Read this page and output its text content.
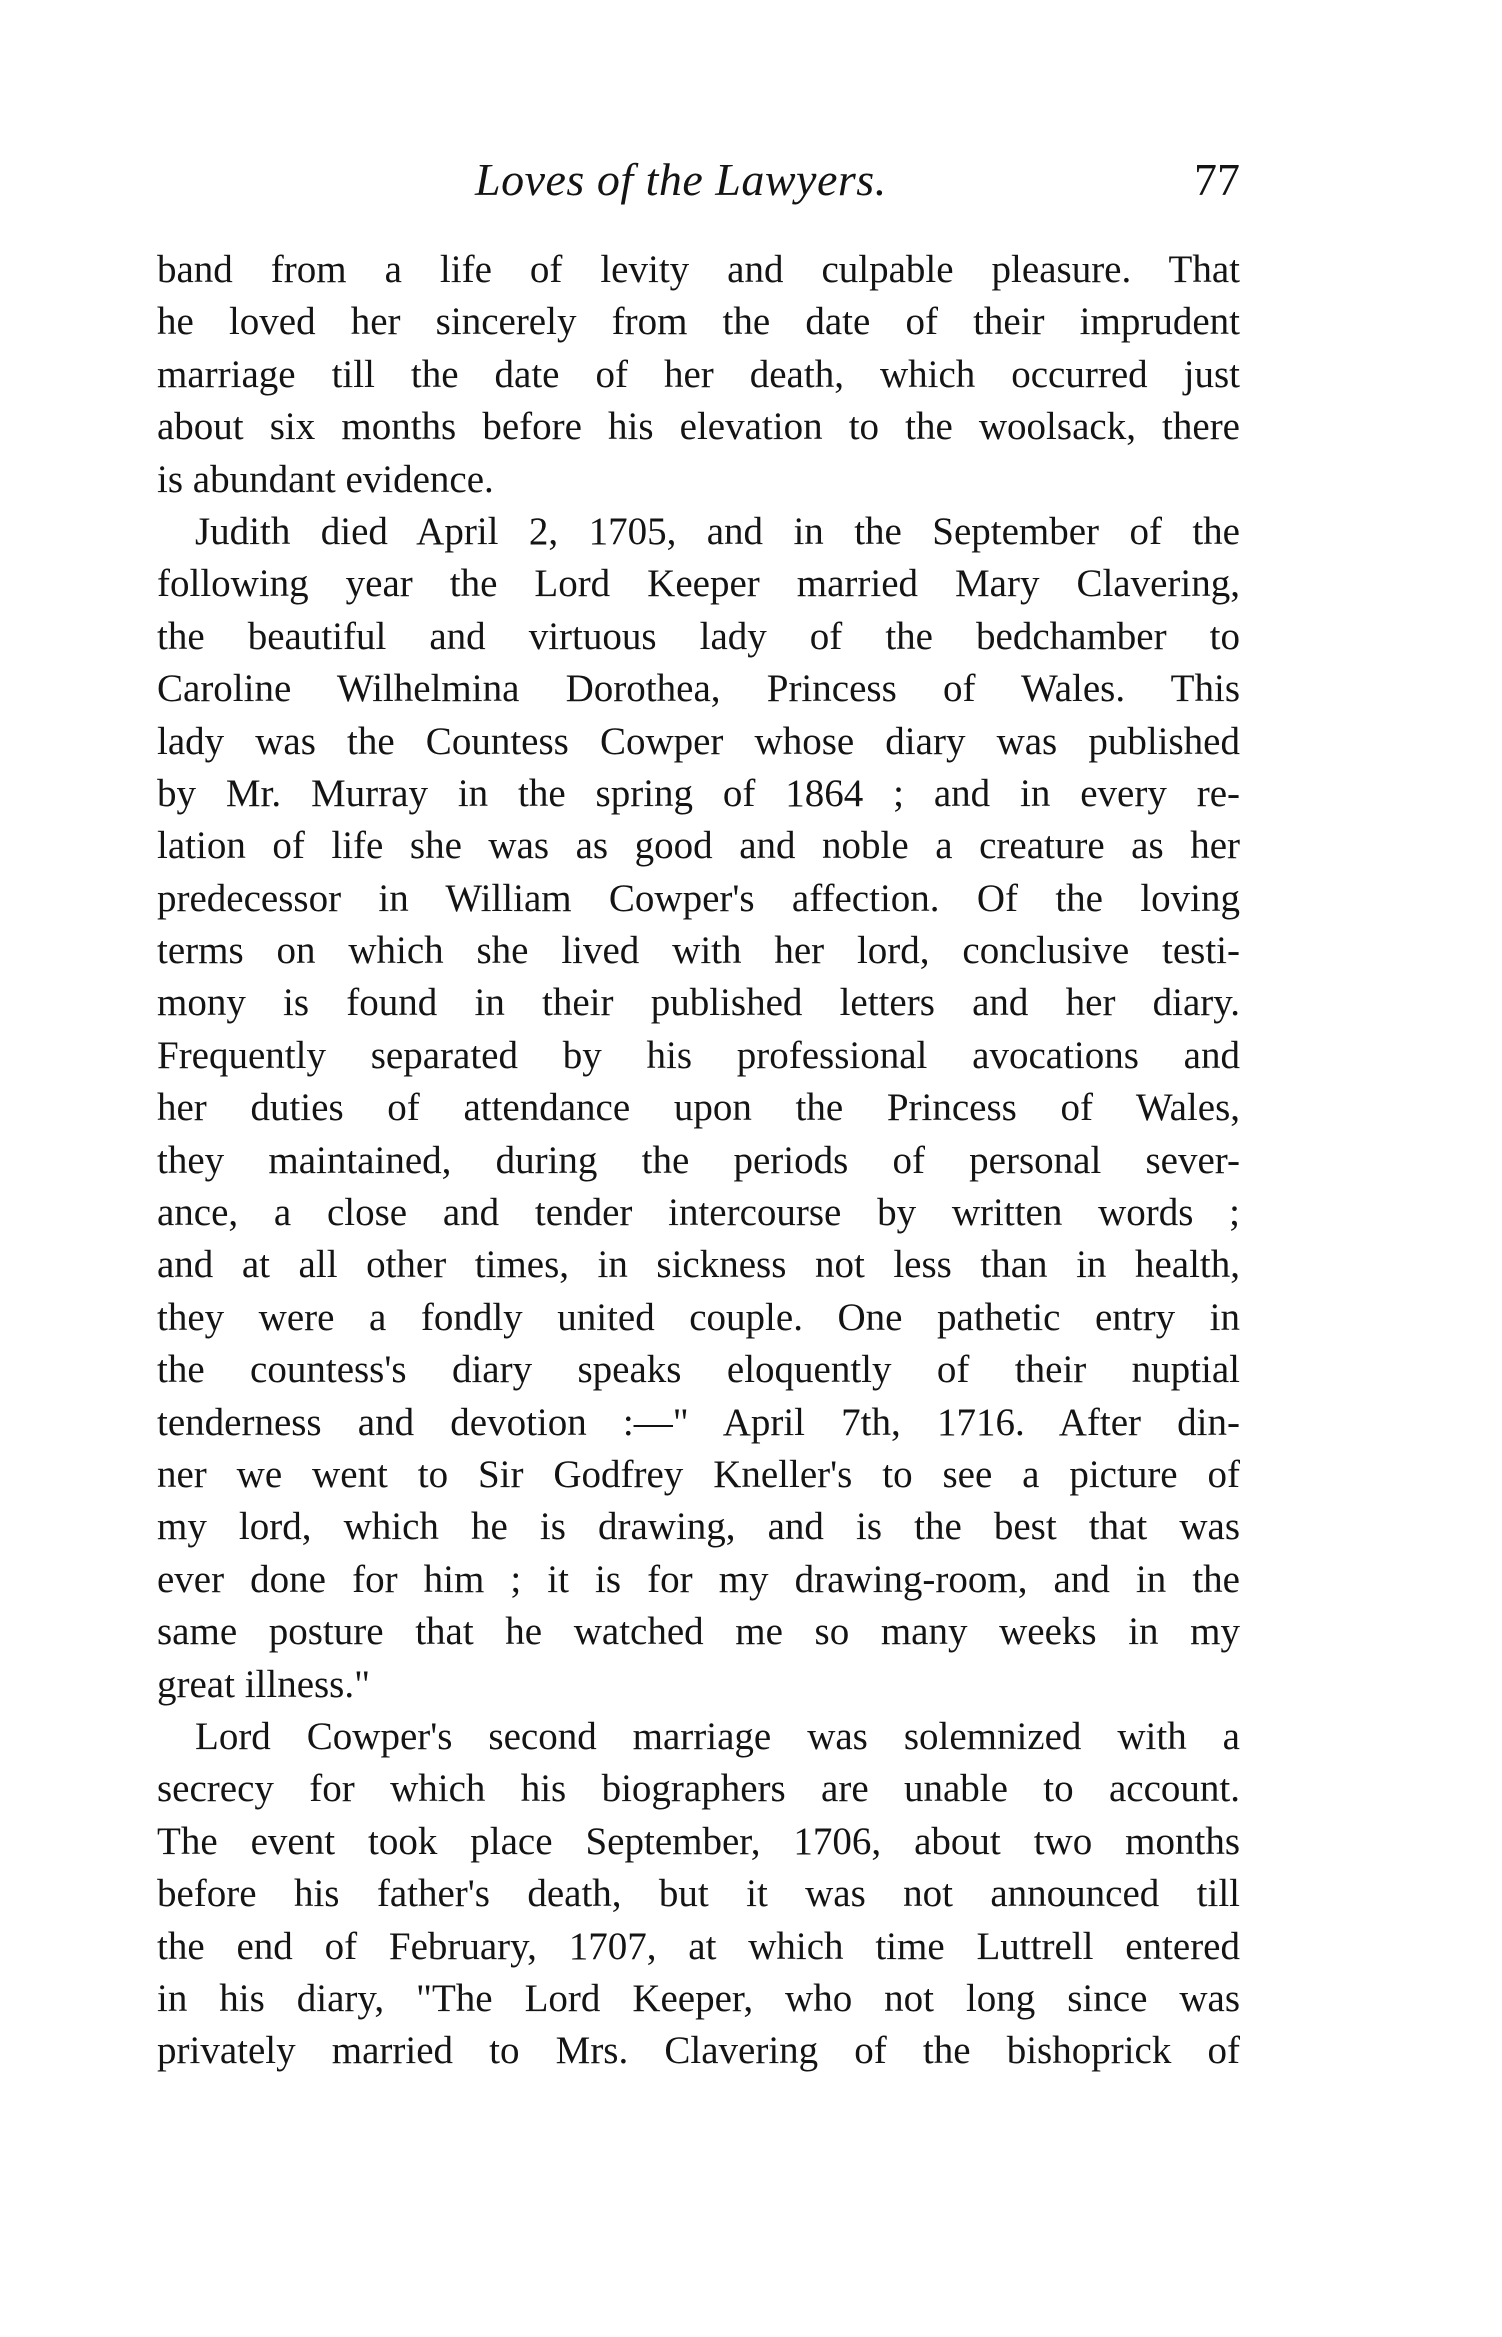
Loves of the Lawyers.	77
band from a life of levity and culpable pleasure. That
he loved her sincerely from the date of their imprudent
marriage till the date of her death, which occurred just
about six months before his elevation to the woolsack, there
is abundant evidence.
Judith died April 2, 1705, and in the September of the
following year the Lord Keeper married Mary Clavering,
the beautiful and virtuous lady of the bedchamber to
Caroline Wilhelmina Dorothea, Princess of Wales. This
lady was the Countess Cowper whose diary was published
by Mr. Murray in the spring of 1864 ; and in every re-
lation of life she was as good and noble a creature as her
predecessor in William Cowper's affection. Of the loving
terms on which she lived with her lord, conclusive testi-
mony is found in their published letters and her diary.
Frequently separated by his professional avocations and
her duties of attendance upon the Princess of Wales,
they maintained, during the periods of personal sever-
ance, a close and tender intercourse by written words ;
and at all other times, in sickness not less than in health,
they were a fondly united couple. One pathetic entry in
the countess's diary speaks eloquently of their nuptial
tenderness and devotion :—" April 7th, 1716. After din-
ner we went to Sir Godfrey Kneller's to see a picture of
my lord, which he is drawing, and is the best that was
ever done for him ; it is for my drawing-room, and in the
same posture that he watched me so many weeks in my
great illness."
Lord Cowper's second marriage was solemnized with a
secrecy for which his biographers are unable to account.
The event took place September, 1706, about two months
before his father's death, but it was not announced till
the end of February, 1707, at which time Luttrell entered
in his diary, "The Lord Keeper, who not long since was
privately married to Mrs. Clavering of the bishoprick of
